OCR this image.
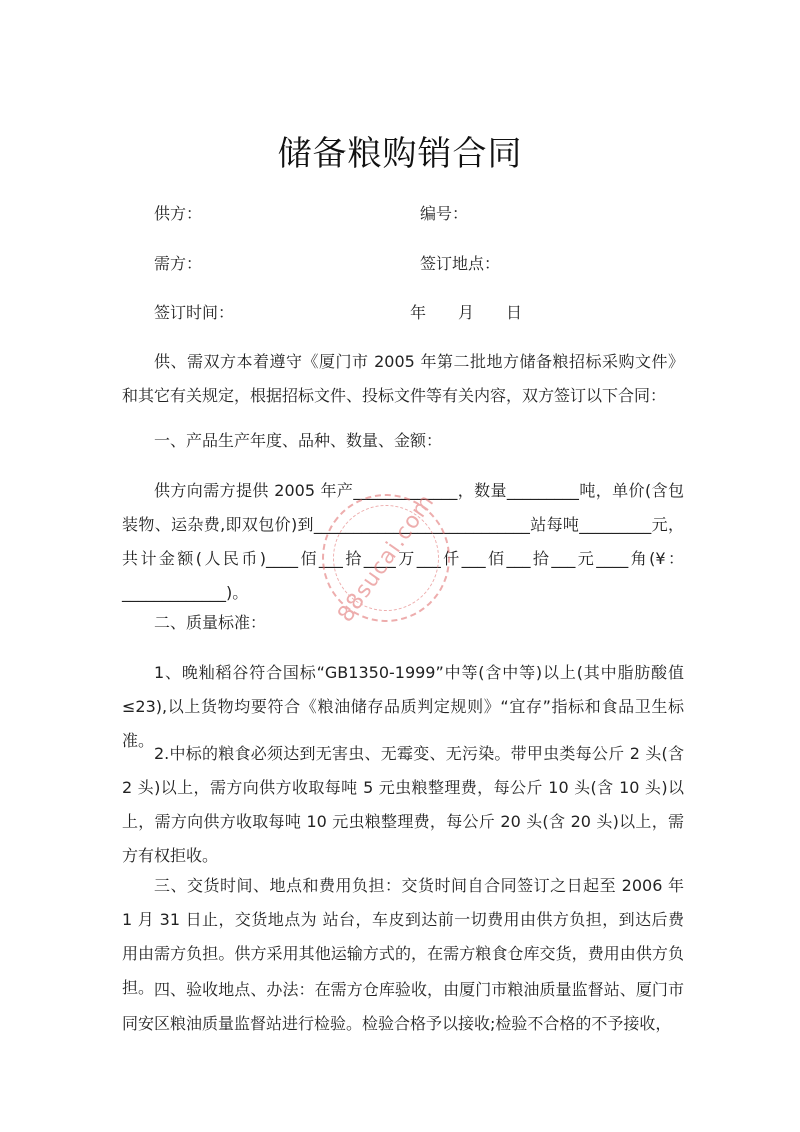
储备粮购销合同
供方：	编号：
需方：	签订地点：
签订时间：	年　　月　　日
供、需双方本着遵守《厦门市 2005 年第二批地方储备粮招标采购文件》和其它有关规定，根据招标文件、投标文件等有关内容，双方签订以下合同：
一、产品生产年度、品种、数量、金额：
供方向需方提供 2005 年产_____________，数量_________吨，单价(含包装物、运杂费,即双包价)到___________________________站每吨_________元，共计金额(人民币)____佰___拾____万___仟___佰___拾___元____角(¥：_____________)。
二、质量标准：
1、晚籼稻谷符合国标“GB1350-1999”中等(含中等)以上(其中脂肪酸值≤23),以上货物均要符合《粮油储存品质判定规则》“宜存”指标和食品卫生标准。
2.中标的粮食必须达到无害虫、无霉变、无污染。带甲虫类每公斤 2 头(含 2 头)以上，需方向供方收取每吨 5 元虫粮整理费，每公斤 10 头(含 10 头)以上，需方向供方收取每吨 10 元虫粮整理费，每公斤 20 头(含 20 头)以上，需方有权拒收。
三、交货时间、地点和费用负担：交货时间自合同签订之日起至 2006 年 1 月 31 日止，交货地点为 站台，车皮到达前一切费用由供方负担，到达后费用由需方负担。供方采用其他运输方式的，在需方粮食仓库交货，费用由供方负担。 四、验收地点、办法：在需方仓库验收，由厦门市粮油质量监督站、厦门市同安区粮油质量监督站进行检验。检验合格予以接收;检验不合格的不予接收，
88sucai.com
